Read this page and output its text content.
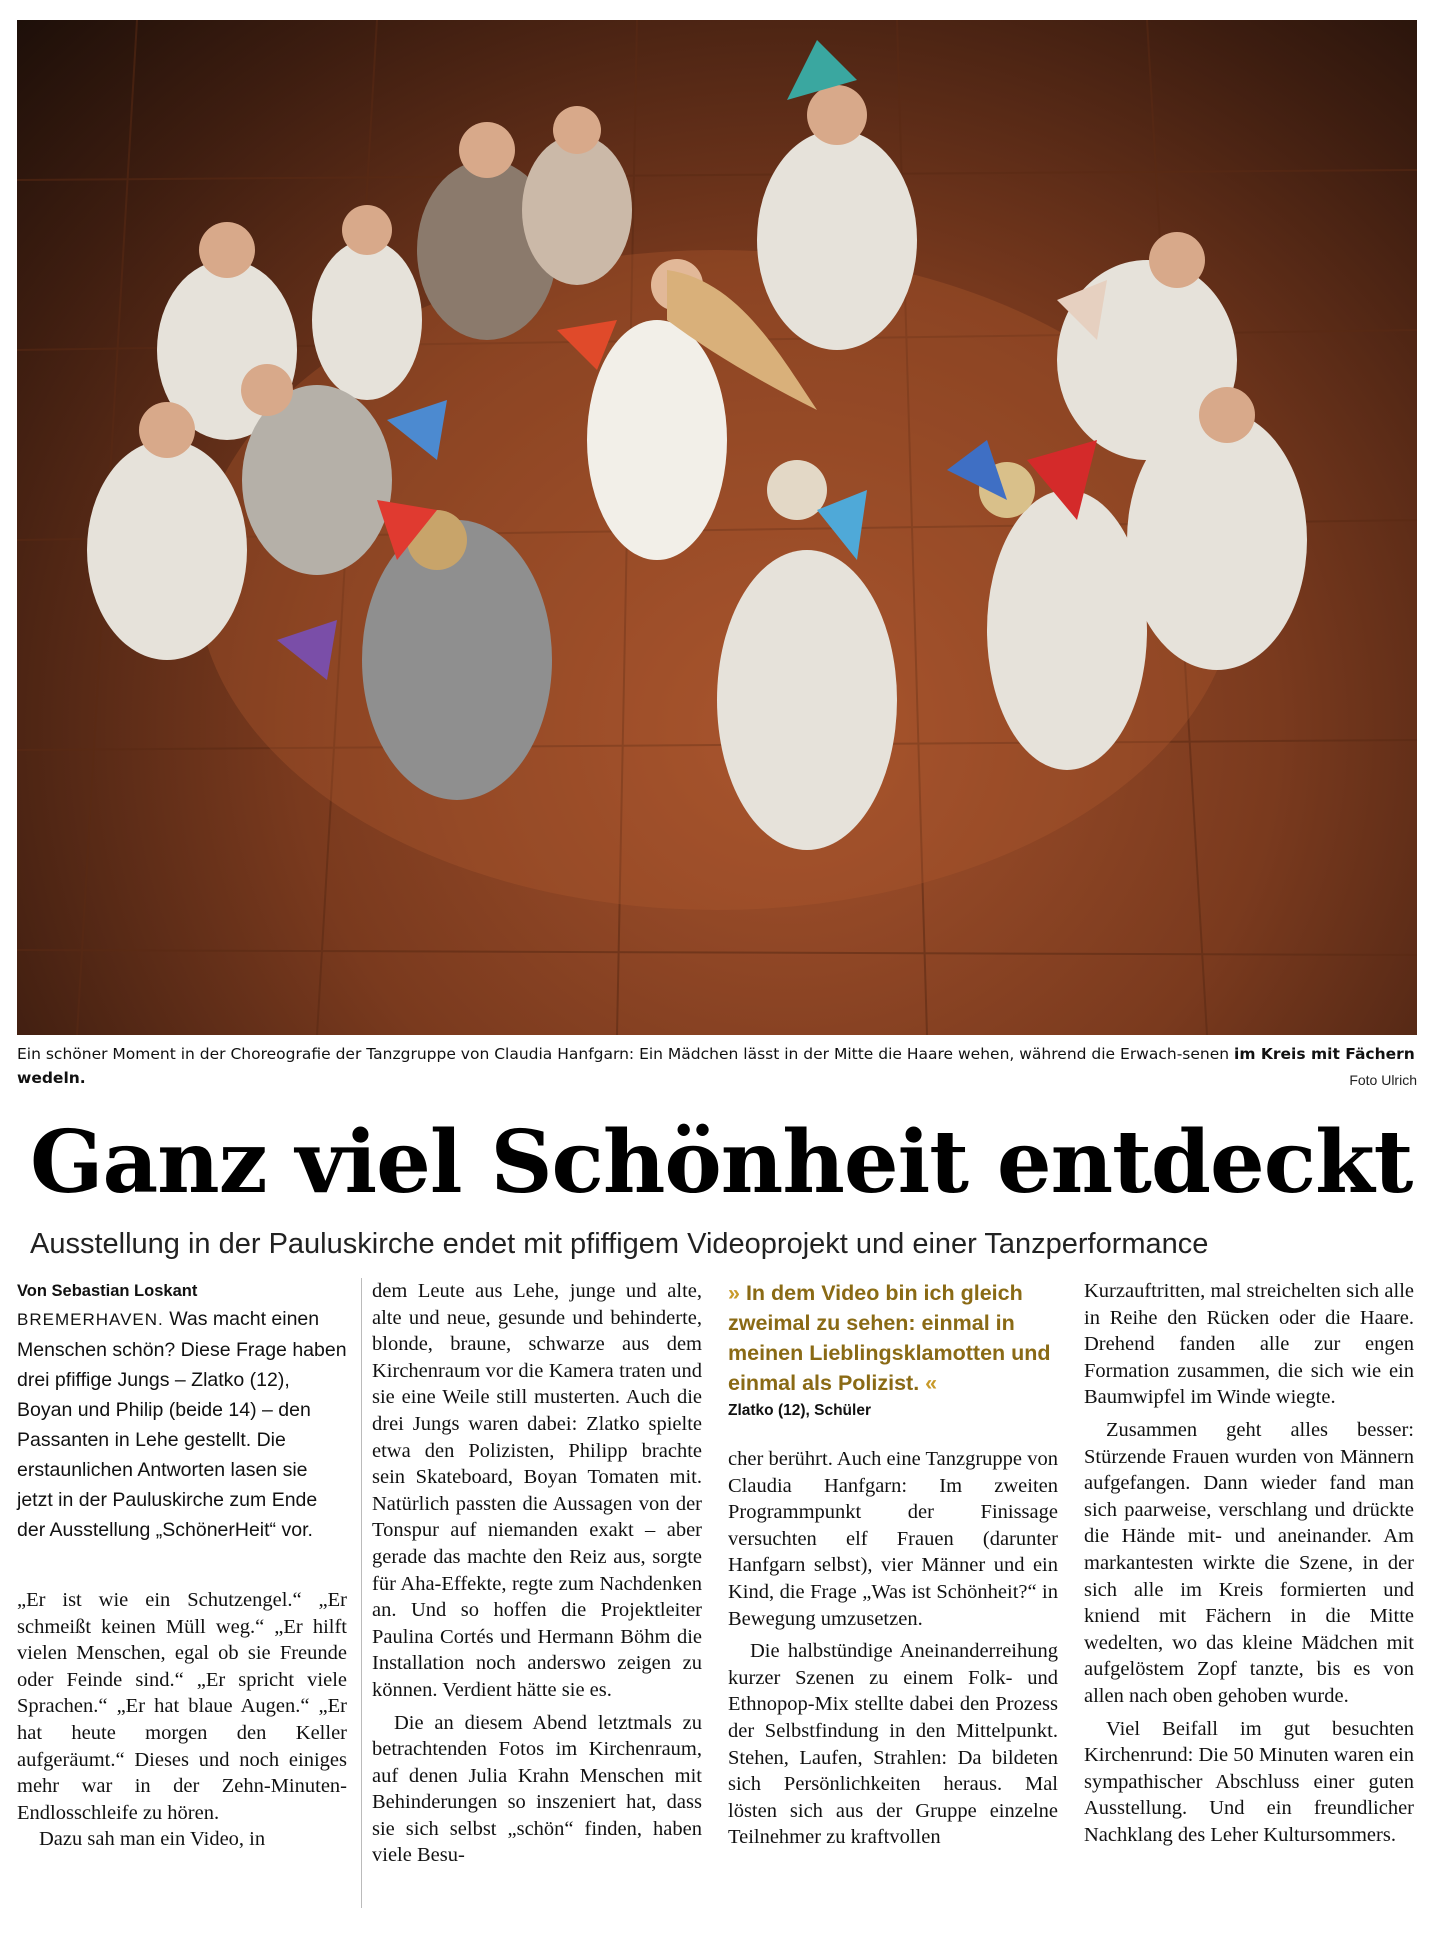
Ein schöner Moment in der Choreografie der Tanzgruppe von Claudia Hanfgarn: Ein Mädchen lässt in der Mitte die Haare wehen, während die Erwach-senen im Kreis mit Fächern wedeln.	Foto Ulrich
Ganz viel Schönheit entdeckt
Ausstellung in der Pauluskirche endet mit pfiffigem Videoprojekt und einer Tanzperformance
Von Sebastian Loskant

BREMERHAVEN. Was macht einen Menschen schön? Diese Frage haben drei pfiffige Jungs – Zlatko (12), Boyan und Philip (beide 14) – den Passanten in Lehe gestellt. Die erstaunlichen Antworten lasen sie jetzt in der Pauluskirche zum Ende der Ausstellung „SchönerHeit“ vor.

„Er ist wie ein Schutzengel.“ „Er schmeißt keinen Müll weg.“ „Er hilft vielen Menschen, egal ob sie Freunde oder Feinde sind.“ „Er spricht viele Sprachen.“ „Er hat blaue Augen.“ „Er hat heute morgen den Keller aufgeräumt.“ Dieses und noch einiges mehr war in der Zehn-Minuten-Endlosschleife zu hören.

Dazu sah man ein Video, in

dem Leute aus Lehe, junge und alte, alte und neue, gesunde und behinderte, blonde, braune, schwarze aus dem Kirchenraum vor die Kamera traten und sie eine Weile still musterten. Auch die drei Jungs waren dabei: Zlatko spielte etwa den Polizisten, Philipp brachte sein Skateboard, Boyan Tomaten mit. Natürlich passten die Aussagen von der Tonspur auf niemanden exakt – aber gerade das machte den Reiz aus, sorgte für Aha-Effekte, regte zum Nachdenken an. Und so hoffen die Projektleiter Paulina Cortés und Hermann Böhm die Installation noch anderswo zeigen zu können. Verdient hätte sie es.

Die an diesem Abend letztmals zu betrachtenden Fotos im Kirchenraum, auf denen Julia Krahn Menschen mit Behinderungen so inszeniert hat, dass sie sich selbst „schön“ finden, haben viele Besu-

» In dem Video bin ich gleich zweimal zu sehen: einmal in meinen Lieblingsklamotten und einmal als Polizist. «
Zlatko (12), Schüler

cher berührt. Auch eine Tanzgruppe von Claudia Hanfgarn: Im zweiten Programmpunkt der Finissage versuchten elf Frauen (darunter Hanfgarn selbst), vier Männer und ein Kind, die Frage „Was ist Schönheit?“ in Bewegung umzusetzen.

Die halbstündige Aneinanderreihung kurzer Szenen zu einem Folk- und Ethnopop-Mix stellte dabei den Prozess der Selbstfindung in den Mittelpunkt. Stehen, Laufen, Strahlen: Da bildeten sich Persönlichkeiten heraus. Mal lösten sich aus der Gruppe einzelne Teilnehmer zu kraftvollen

Kurzauftritten, mal streichelten sich alle in Reihe den Rücken oder die Haare. Drehend fanden alle zur engen Formation zusammen, die sich wie ein Baumwipfel im Winde wiegte.

Zusammen geht alles besser: Stürzende Frauen wurden von Männern aufgefangen. Dann wieder fand man sich paarweise, verschlang und drückte die Hände mit- und aneinander. Am markantesten wirkte die Szene, in der sich alle im Kreis formierten und kniend mit Fächern in die Mitte wedelten, wo das kleine Mädchen mit aufgelöstem Zopf tanzte, bis es von allen nach oben gehoben wurde.

Viel Beifall im gut besuchten Kirchenrund: Die 50 Minuten waren ein sympathischer Abschluss einer guten Ausstellung. Und ein freundlicher Nachklang des Leher Kultursommers.
